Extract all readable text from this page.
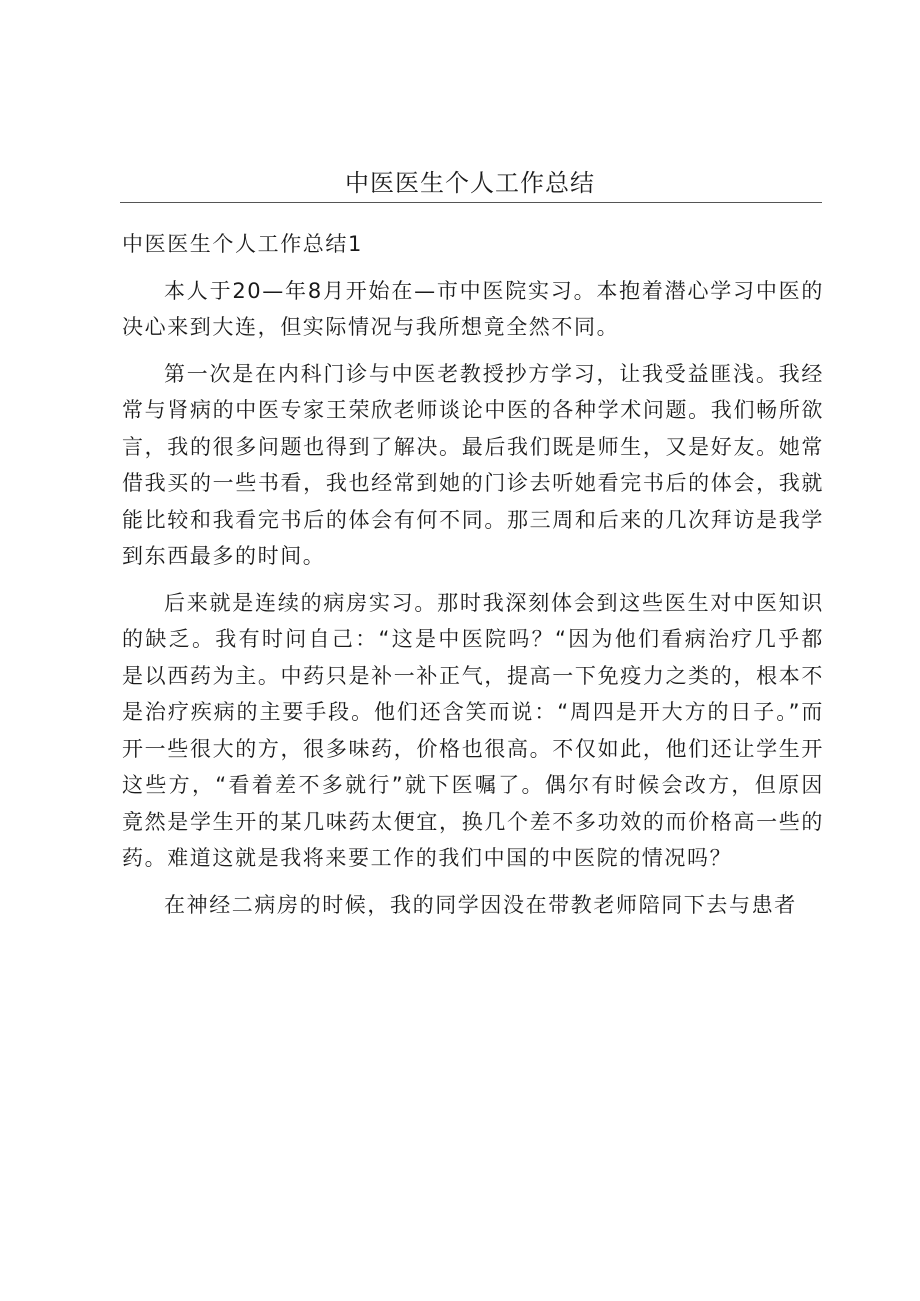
中医医生个人工作总结

中医医生个人工作总结1

本人于20—年8月开始在—市中医院实习。本抱着潜心学习中医的决心来到大连，但实际情况与我所想竟全然不同。

第一次是在内科门诊与中医老教授抄方学习，让我受益匪浅。我经常与肾病的中医专家王荣欣老师谈论中医的各种学术问题。我们畅所欲言，我的很多问题也得到了解决。最后我们既是师生，又是好友。她常借我买的一些书看，我也经常到她的门诊去听她看完书后的体会，我就能比较和我看完书后的体会有何不同。那三周和后来的几次拜访是我学到东西最多的时间。

后来就是连续的病房实习。那时我深刻体会到这些医生对中医知识的缺乏。我有时问自己：“这是中医院吗？“因为他们看病治疗几乎都是以西药为主。中药只是补一补正气，提高一下免疫力之类的，根本不是治疗疾病的主要手段。他们还含笑而说：“周四是开大方的日子。”而开一些很大的方，很多味药，价格也很高。不仅如此，他们还让学生开这些方，“看着差不多就行”就下医嘱了。偶尔有时候会改方，但原因竟然是学生开的某几味药太便宜，换几个差不多功效的而价格高一些的药。难道这就是我将来要工作的我们中国的中医院的情况吗？

在神经二病房的时候，我的同学因没在带教老师陪同下去与患者
